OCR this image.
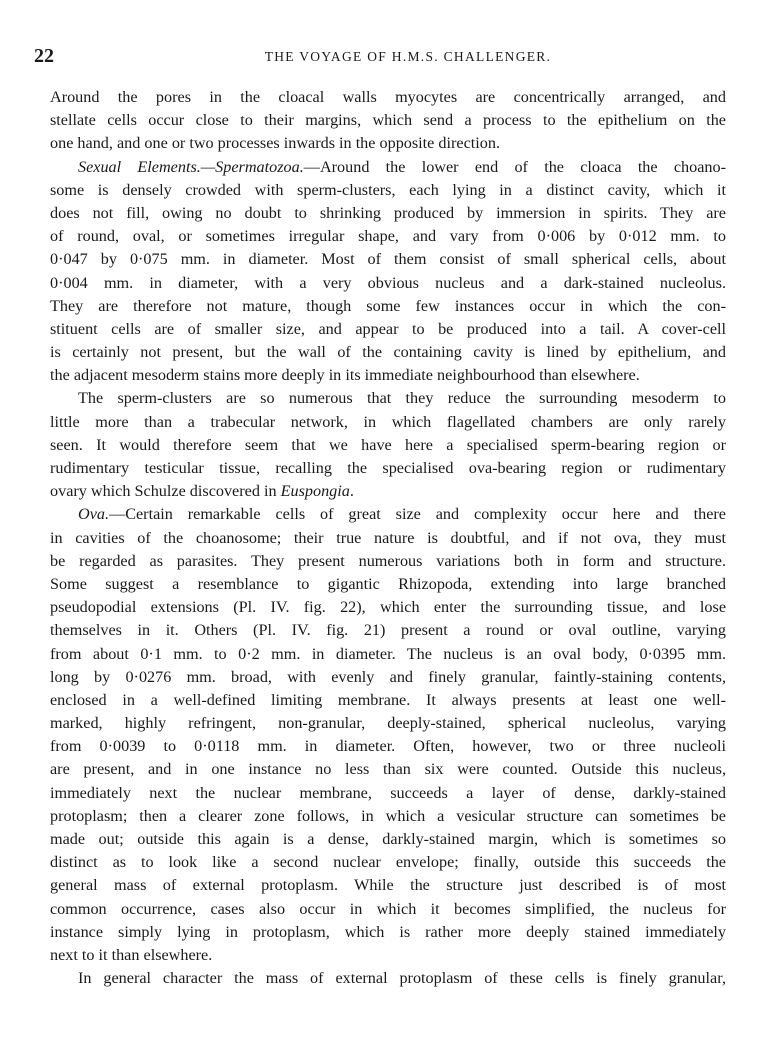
22	THE VOYAGE OF H.M.S. CHALLENGER.
Around the pores in the cloacal walls myocytes are concentrically arranged, and
stellate cells occur close to their margins, which send a process to the epithelium on the
one hand, and one or two processes inwards in the opposite direction.
Sexual Elements.—Spermatozoa.—Around the lower end of the cloaca the choano-
some is densely crowded with sperm-clusters, each lying in a distinct cavity, which it
does not fill, owing no doubt to shrinking produced by immersion in spirits. They are
of round, oval, or sometimes irregular shape, and vary from 0·006 by 0·012 mm. to
0·047 by 0·075 mm. in diameter. Most of them consist of small spherical cells, about
0·004 mm. in diameter, with a very obvious nucleus and a dark-stained nucleolus.
They are therefore not mature, though some few instances occur in which the con-
stituent cells are of smaller size, and appear to be produced into a tail. A cover-cell
is certainly not present, but the wall of the containing cavity is lined by epithelium, and
the adjacent mesoderm stains more deeply in its immediate neighbourhood than elsewhere.
The sperm-clusters are so numerous that they reduce the surrounding mesoderm to
little more than a trabecular network, in which flagellated chambers are only rarely
seen. It would therefore seem that we have here a specialised sperm-bearing region or
rudimentary testicular tissue, recalling the specialised ova-bearing region or rudimentary
ovary which Schulze discovered in Euspongia.
Ova.—Certain remarkable cells of great size and complexity occur here and there
in cavities of the choanosome; their true nature is doubtful, and if not ova, they must
be regarded as parasites. They present numerous variations both in form and structure.
Some suggest a resemblance to gigantic Rhizopoda, extending into large branched
pseudopodial extensions (Pl. IV. fig. 22), which enter the surrounding tissue, and lose
themselves in it. Others (Pl. IV. fig. 21) present a round or oval outline, varying
from about 0·1 mm. to 0·2 mm. in diameter. The nucleus is an oval body, 0·0395 mm.
long by 0·0276 mm. broad, with evenly and finely granular, faintly-staining contents,
enclosed in a well-defined limiting membrane. It always presents at least one well-
marked, highly refringent, non-granular, deeply-stained, spherical nucleolus, varying
from 0·0039 to 0·0118 mm. in diameter. Often, however, two or three nucleoli
are present, and in one instance no less than six were counted. Outside this nucleus,
immediately next the nuclear membrane, succeeds a layer of dense, darkly-stained
protoplasm; then a clearer zone follows, in which a vesicular structure can sometimes be
made out; outside this again is a dense, darkly-stained margin, which is sometimes so
distinct as to look like a second nuclear envelope; finally, outside this succeeds the
general mass of external protoplasm. While the structure just described is of most
common occurrence, cases also occur in which it becomes simplified, the nucleus for
instance simply lying in protoplasm, which is rather more deeply stained immediately
next to it than elsewhere.
In general character the mass of external protoplasm of these cells is finely granular,
